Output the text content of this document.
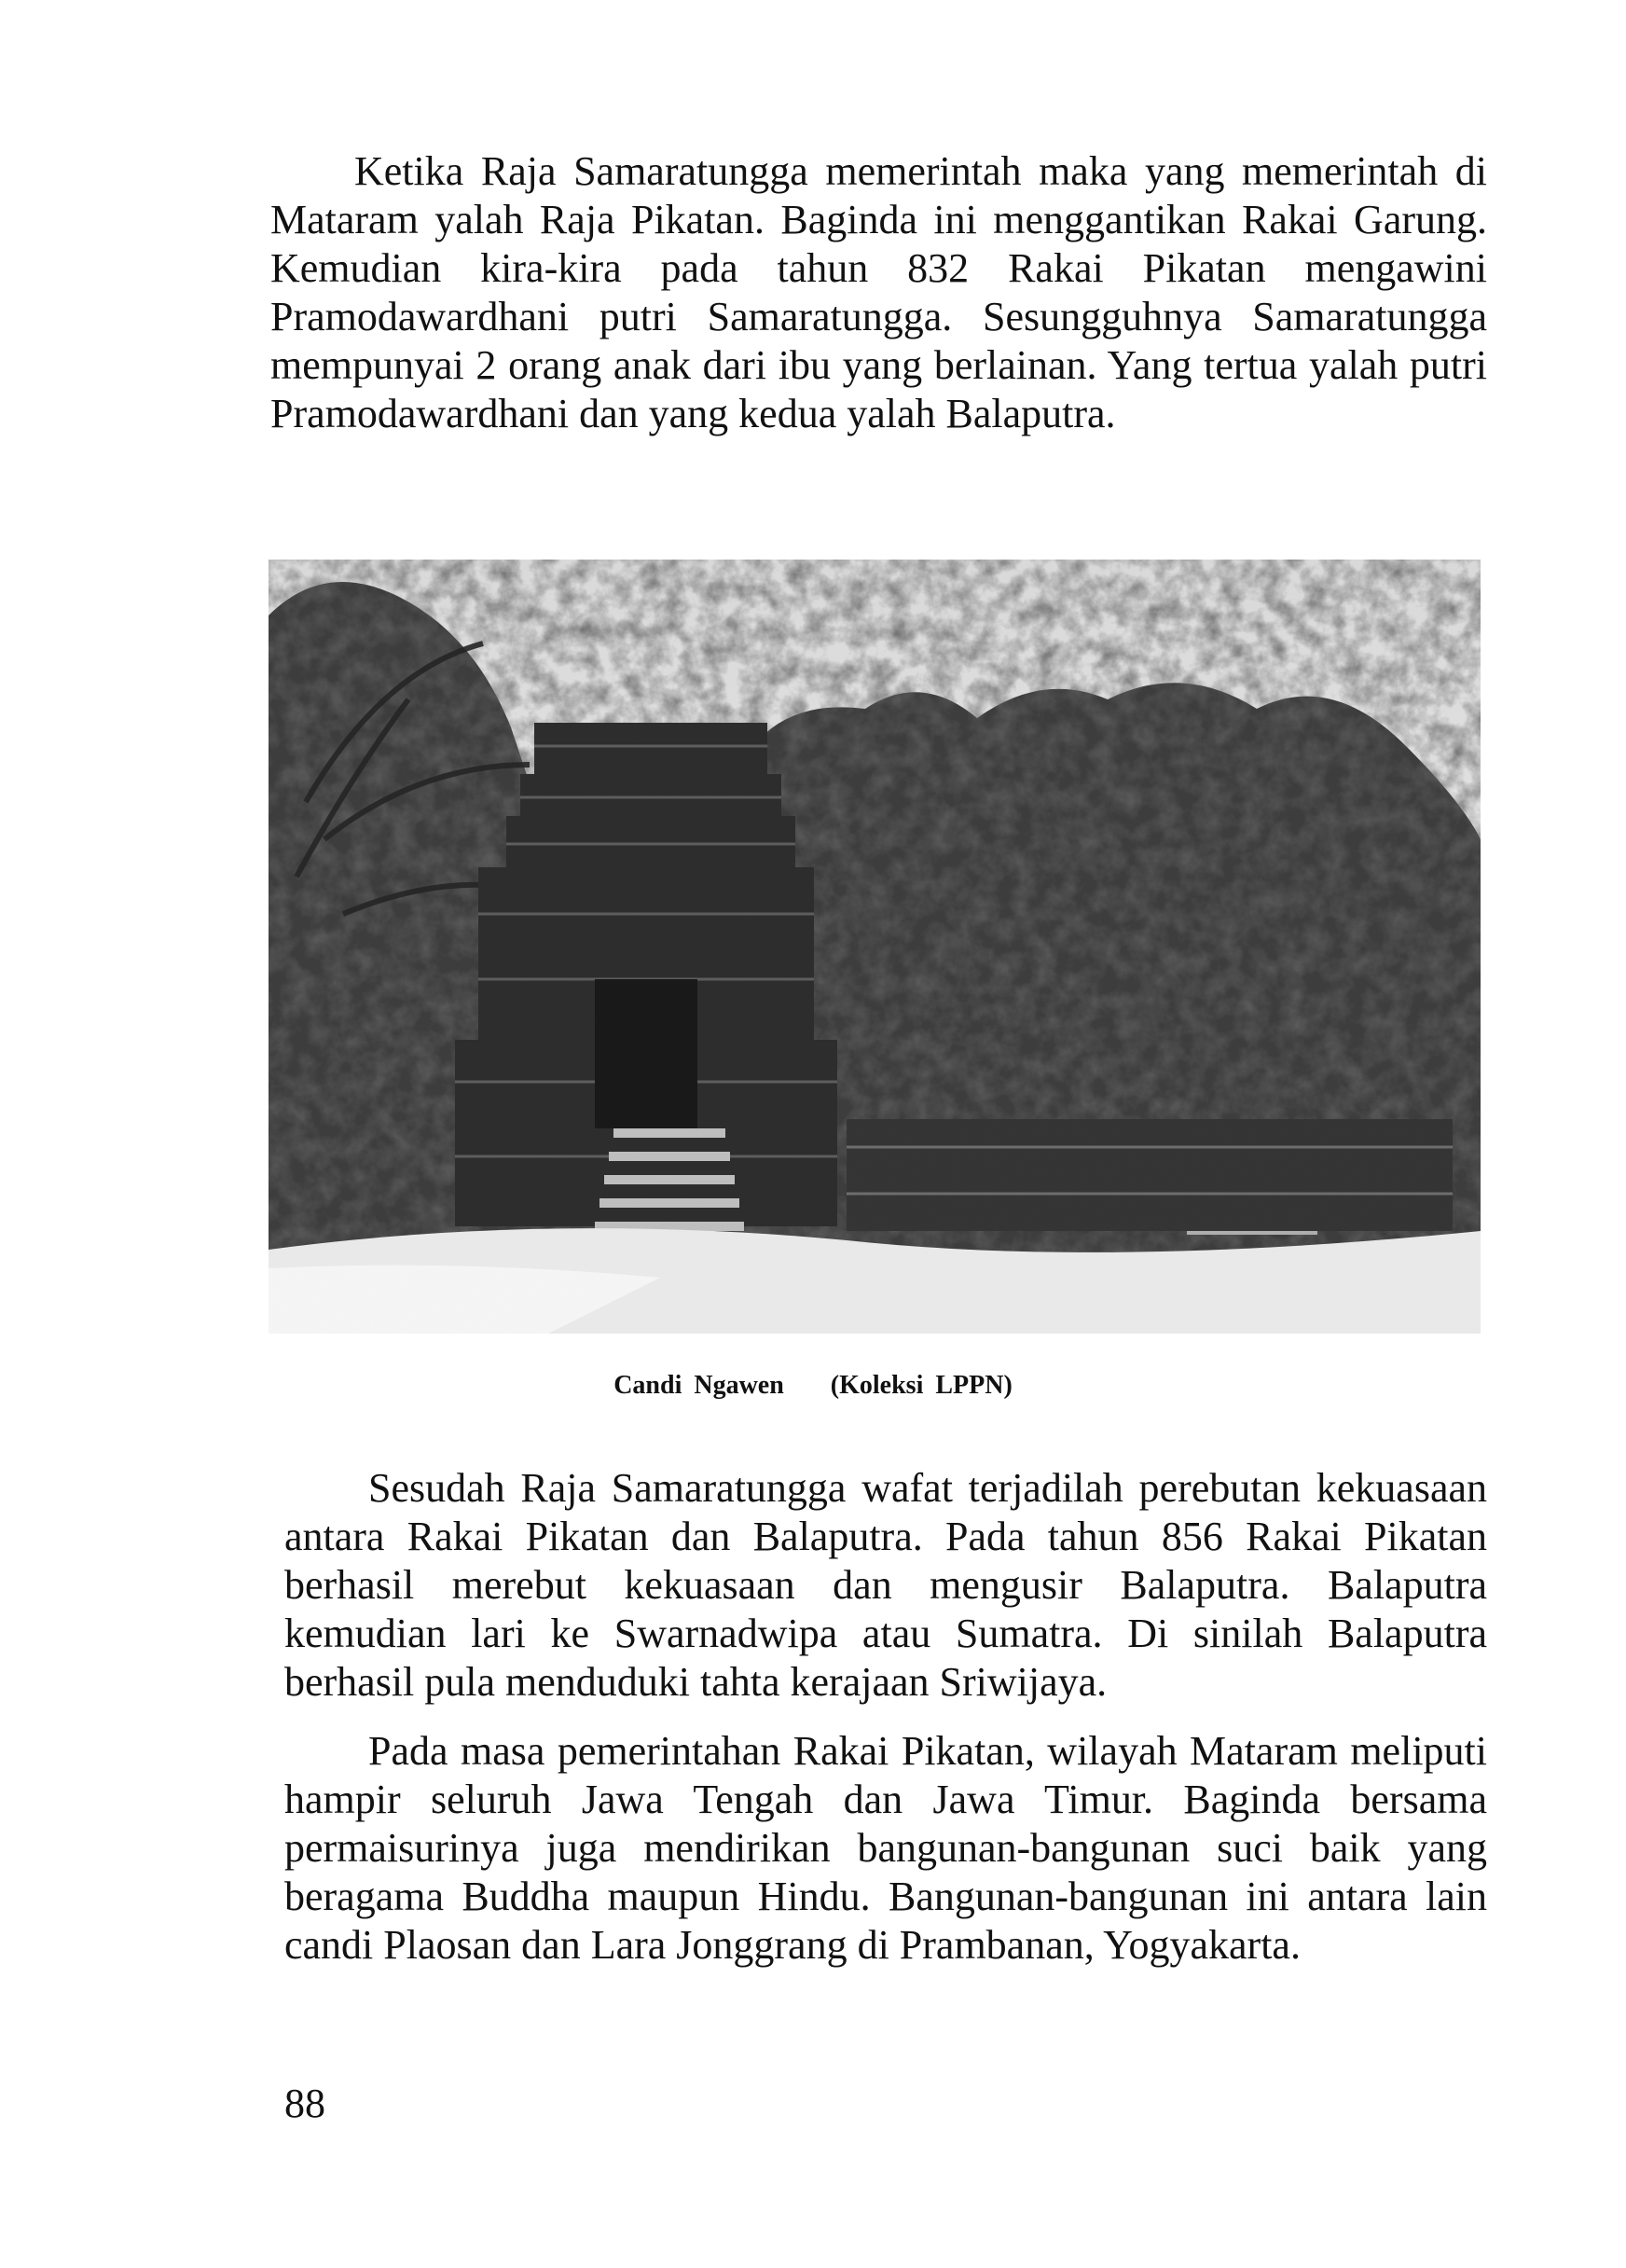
Ketika Raja Samaratungga memerintah maka yang memerintah di Mataram yalah Raja Pikatan. Baginda ini menggantikan Rakai Garung. Kemudian kira-kira pada tahun 832 Rakai Pikatan mengawini Pramodawardhani putri Samaratungga. Sesungguhnya Samaratungga mempunyai 2 orang anak dari ibu yang berlainan. Yang tertua yalah putri Pramodawardhani dan yang kedua yalah Balaputra.

Candi Ngawen (Koleksi LPPN)

Sesudah Raja Samaratungga wafat terjadilah perebutan kekuasaan antara Rakai Pikatan dan Balaputra. Pada tahun 856 Rakai Pikatan berhasil merebut kekuasaan dan mengusir Balaputra. Balaputra kemudian lari ke Swarnadwipa atau Sumatra. Di sinilah Balaputra berhasil pula menduduki tahta kerajaan Sriwijaya.

Pada masa pemerintahan Rakai Pikatan, wilayah Mataram meliputi hampir seluruh Jawa Tengah dan Jawa Timur. Baginda bersama permaisurinya juga mendirikan bangunan-bangunan suci baik yang beragama Buddha maupun Hindu. Bangunan-bangunan ini antara lain candi Plaosan dan Lara Jonggrang di Prambanan, Yogyakarta.

88
